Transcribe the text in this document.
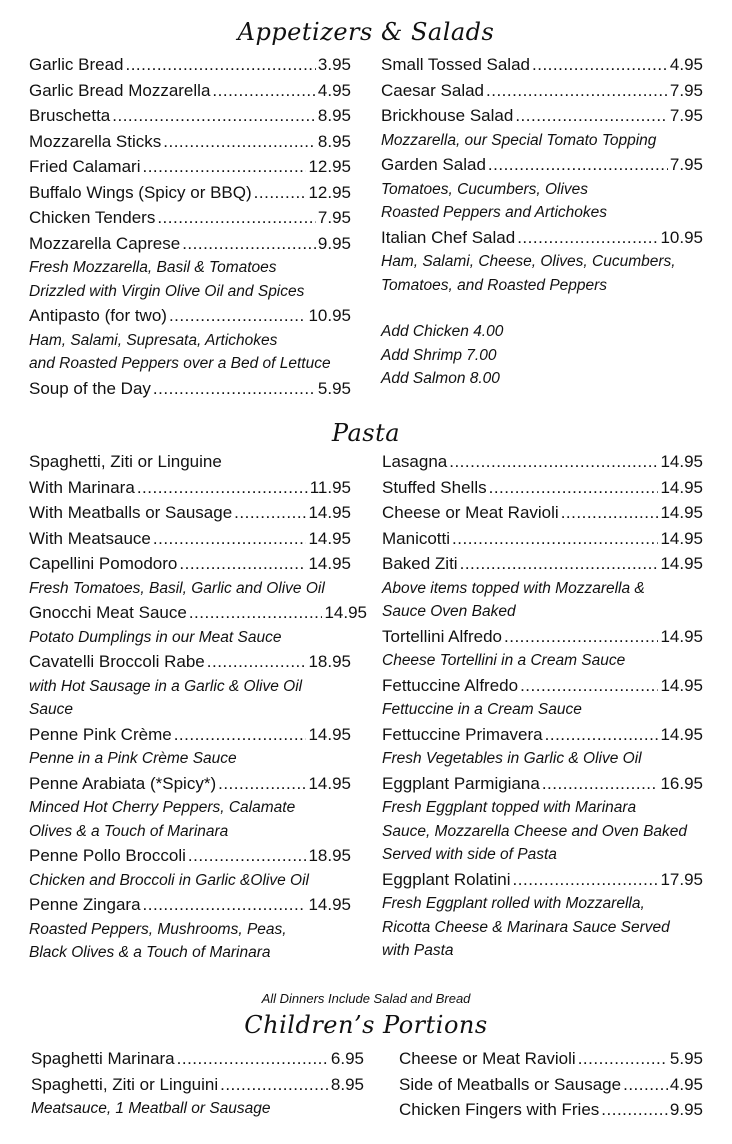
Appetizers & Salads
Garlic Bread .....	3.95
Garlic Bread Mozzarella .....	4.95
Bruschetta .....	8.95
Mozzarella Sticks .....	8.95
Fried Calamari .....	12.95
Buffalo Wings (Spicy or BBQ) .....	12.95
Chicken Tenders .....	7.95
Mozzarella Caprese .....	9.95
Fresh Mozzarella, Basil & Tomatoes
Drizzled with Virgin Olive Oil and Spices
Antipasto (for two) .....	10.95
Ham, Salami, Supresata, Artichokes
and Roasted Peppers over a Bed of Lettuce
Soup of the Day .....	5.95
Small Tossed Salad .....	4.95
Caesar Salad .....	7.95
Brickhouse Salad .....	7.95
Mozzarella, our Special Tomato Topping
Garden Salad .....	7.95
Tomatoes, Cucumbers, Olives
Roasted Peppers and Artichokes
Italian Chef Salad .....	10.95
Ham, Salami, Cheese, Olives, Cucumbers,
Tomatoes, and Roasted Peppers
Add Chicken 4.00
Add Shrimp 7.00
Add Salmon 8.00
Pasta
Spaghetti, Ziti or Linguine
With Marinara .....	11.95
With Meatballs or Sausage .....	14.95
With Meatsauce .....	14.95
Capellini Pomodoro .....	14.95
Fresh Tomatoes, Basil, Garlic and Olive Oil
Gnocchi Meat Sauce .....	14.95
Potato Dumplings in our Meat Sauce
Cavatelli Broccoli Rabe .....	18.95
with Hot Sausage in a Garlic & Olive Oil
Sauce
Penne Pink Crème .....	14.95
Penne in a Pink Crème Sauce
Penne Arabiata (*Spicy*) .....	14.95
Minced Hot Cherry Peppers, Calamate
Olives & a Touch of Marinara
Penne Pollo Broccoli .....	18.95
Chicken and Broccoli in Garlic &Olive Oil
Penne Zingara .....	14.95
Roasted Peppers, Mushrooms, Peas,
Black Olives & a Touch of Marinara
Lasagna .....	14.95
Stuffed Shells .....	14.95
Cheese or Meat Ravioli .....	14.95
Manicotti .....	14.95
Baked Ziti .....	14.95
Above items topped with Mozzarella &
Sauce Oven Baked
Tortellini Alfredo .....	14.95
Cheese Tortellini in a Cream Sauce
Fettuccine Alfredo .....	14.95
Fettuccine in a Cream Sauce
Fettuccine Primavera .....	14.95
Fresh Vegetables in Garlic & Olive Oil
Eggplant Parmigiana .....	16.95
Fresh Eggplant topped with Marinara
Sauce, Mozzarella Cheese and Oven Baked
Served with side of Pasta
Eggplant Rolatini .....	17.95
Fresh Eggplant rolled with Mozzarella,
Ricotta Cheese & Marinara Sauce Served
with Pasta
All Dinners Include Salad and Bread
Children’s Portions
Spaghetti Marinara .....	6.95
Spaghetti, Ziti or Linguini .....	8.95
Meatsauce, 1 Meatball or Sausage
Cheese or Meat Ravioli .....	5.95
Side of Meatballs or Sausage .....	4.95
Chicken Fingers with Fries .....	9.95
